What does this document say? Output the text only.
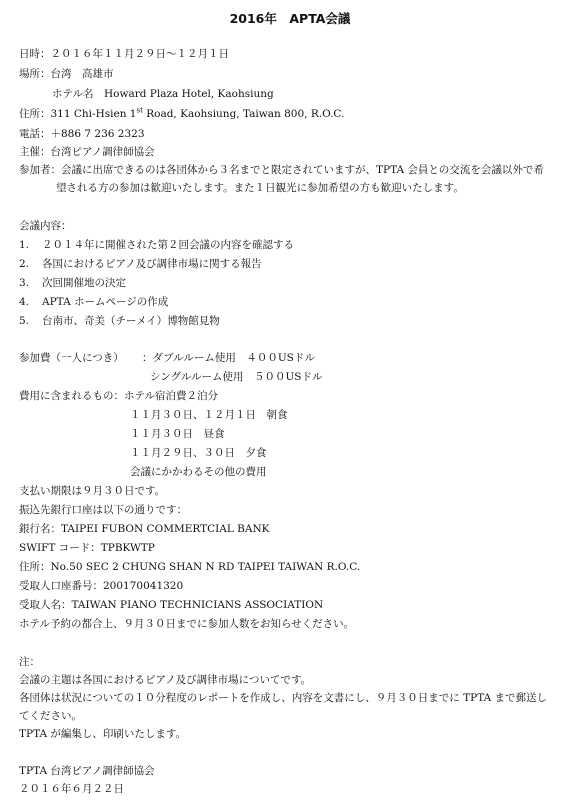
2016年　APTA会議
日時：２０１６年１１月２９日〜１２月１日
場所：台湾　高雄市
ホテル名　Howard Plaza Hotel, Kaohsiung
住所：311 Chi-Hsien 1st Road, Kaohsiung, Taiwan 800, R.O.C.
電話：＋886 7 236 2323
主催：台湾ピアノ調律師協会
参加者：会議に出席できるのは各団体から３名までと限定されていますが、TPTA 会員との交流を会議以外で希
望される方の参加は歓迎いたします。また１日観光に参加希望の方も歓迎いたします。
会議内容：
1. ２０１４年に開催された第２回会議の内容を確認する
2. 各国におけるピアノ及び調律市場に関する報告
3. 次回開催地の決定
4. APTA ホームページの作成
5. 台南市、奇美（チーメイ）博物館見物
参加費（一人につき） ：ダブルルーム使用　４００USドル
シングルルーム使用　５００USドル
費用に含まれるもの：ホテル宿泊費２泊分
１１月３０日、１２月１日　朝食
１１月３０日　昼食
１１月２９日、３０日　夕食
会議にかかわるその他の費用
支払い期限は９月３０日です。
振込先銀行口座は以下の通りです：
銀行名：TAIPEI FUBON COMMERTCIAL BANK
SWIFT コード：TPBKWTP
住所：No.50 SEC 2 CHUNG SHAN N RD TAIPEI TAIWAN R.O.C.
受取人口座番号：200170041320
受取人名：TAIWAN PIANO TECHNICIANS ASSOCIATION
ホテル予約の都合上、９月３０日までに参加人数をお知らせください。
注：
会議の主題は各国におけるピアノ及び調律市場についてです。
各団体は状況についての１０分程度のレポートを作成し、内容を文書にし、９月３０日までに TPTA まで郵送し
てください。
TPTA が編集し、印刷いたします。
TPTA 台湾ピアノ調律師協会
２０１６年６月２２日
